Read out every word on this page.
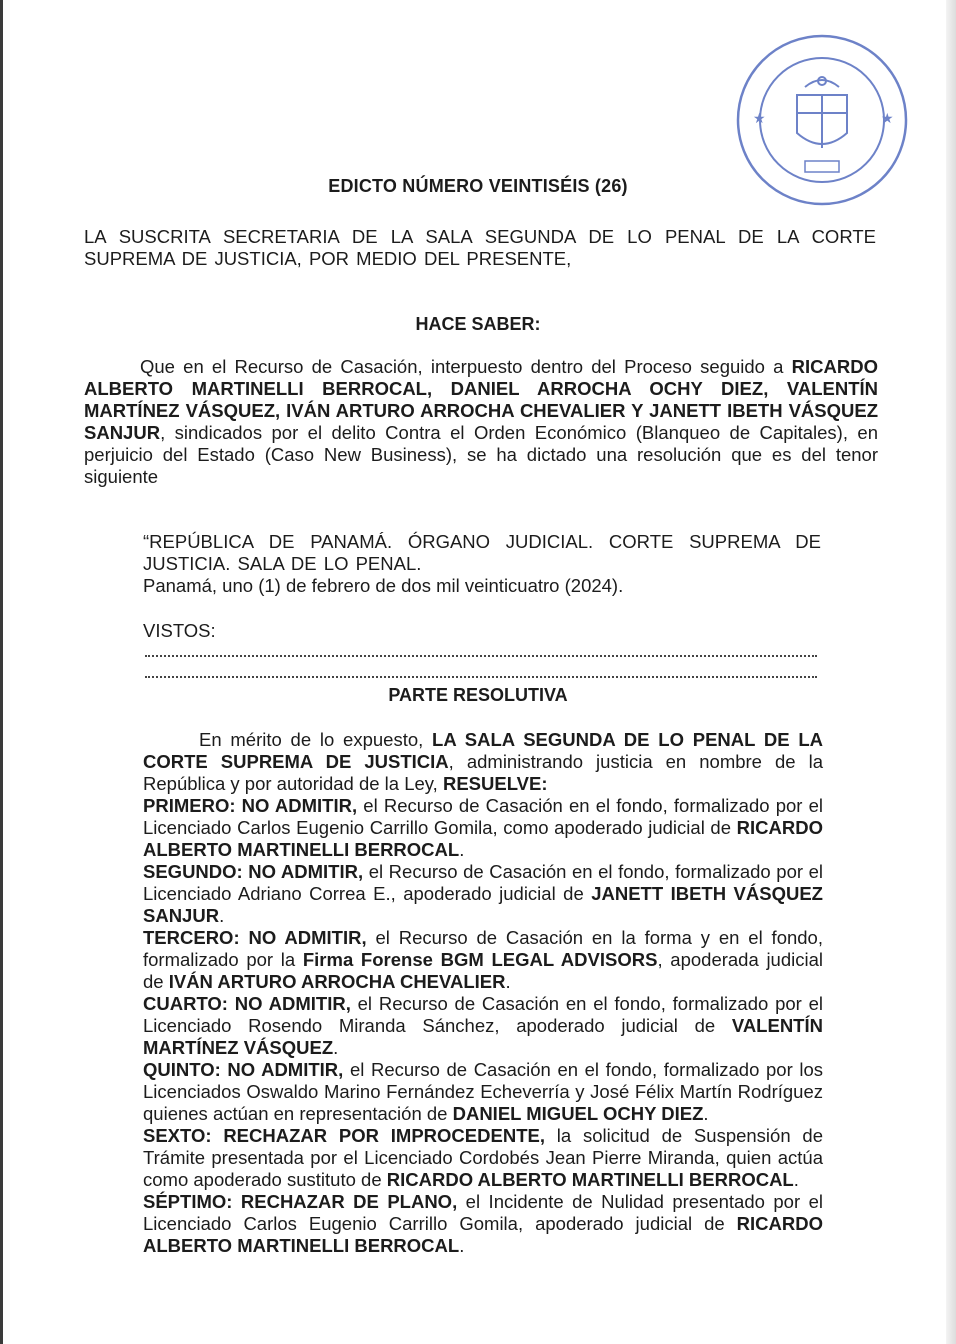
★	★
EDICTO NÚMERO VEINTISÉIS (26)
LA SUSCRITA SECRETARIA DE LA SALA SEGUNDA DE LO PENAL DE LA CORTE SUPREMA DE JUSTICIA, POR MEDIO DEL PRESENTE,
HACE SABER:

Que en el Recurso de Casación, interpuesto dentro del Proceso seguido a RICARDO ALBERTO MARTINELLI BERROCAL, DANIEL ARROCHA OCHY DIEZ, VALENTÍN MARTÍNEZ VÁSQUEZ, IVÁN ARTURO ARROCHA CHEVALIER Y JANETT IBETH VÁSQUEZ SANJUR, sindicados por el delito Contra el Orden Económico (Blanqueo de Capitales), en perjuicio del Estado (Caso New Business), se ha dictado una resolución que es del tenor siguiente

“REPÚBLICA DE PANAMÁ. ÓRGANO JUDICIAL. CORTE SUPREMA DE JUSTICIA. SALA DE LO PENAL.
Panamá, uno (1) de febrero de dos mil veinticuatro (2024).
VISTOS:
PARTE RESOLUTIVA

En mérito de lo expuesto, LA SALA SEGUNDA DE LO PENAL DE LA CORTE SUPREMA DE JUSTICIA, administrando justicia en nombre de la República y por autoridad de la Ley, RESUELVE:

PRIMERO: NO ADMITIR, el Recurso de Casación en el fondo, formalizado por el Licenciado Carlos Eugenio Carrillo Gomila, como apoderado judicial de RICARDO ALBERTO MARTINELLI BERROCAL.

SEGUNDO: NO ADMITIR, el Recurso de Casación en el fondo, formalizado por el Licenciado Adriano Correa E., apoderado judicial de JANETT IBETH VÁSQUEZ SANJUR.

TERCERO: NO ADMITIR, el Recurso de Casación en la forma y en el fondo, formalizado por la Firma Forense BGM LEGAL ADVISORS, apoderada judicial de IVÁN ARTURO ARROCHA CHEVALIER.

CUARTO: NO ADMITIR, el Recurso de Casación en el fondo, formalizado por el Licenciado Rosendo Miranda Sánchez, apoderado judicial de VALENTÍN MARTÍNEZ VÁSQUEZ.

QUINTO: NO ADMITIR, el Recurso de Casación en el fondo, formalizado por los Licenciados Oswaldo Marino Fernández Echeverría y José Félix Martín Rodríguez quienes actúan en representación de DANIEL MIGUEL OCHY DIEZ.

SEXTO: RECHAZAR POR IMPROCEDENTE, la solicitud de Suspensión de Trámite presentada por el Licenciado Cordobés Jean Pierre Miranda, quien actúa como apoderado sustituto de RICARDO ALBERTO MARTINELLI BERROCAL.

SÉPTIMO: RECHAZAR DE PLANO, el Incidente de Nulidad presentado por el Licenciado Carlos Eugenio Carrillo Gomila, apoderado judicial de RICARDO ALBERTO MARTINELLI BERROCAL.
